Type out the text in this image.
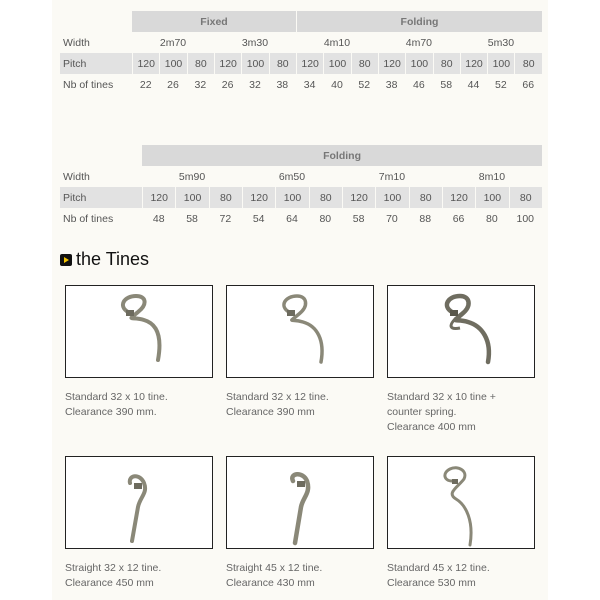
	Fixed						Folding								
Width	2m70			3m30			4m10			4m70			5m30		
Pitch	120	100	80	120	100	80	120	100	80	120	100	80	120	100	80
Nb of tines	22	26	32	26	32	38	34	40	52	38	46	58	44	52	66
	Folding											
Width	5m90			6m50			7m10			8m10		
Pitch	120	100	80	120	100	80	120	100	80	120	100	80
Nb of tines	48	58	72	54	64	80	58	70	88	66	80	100
the Tines
Standard 32 x 10 tine.
Clearance 390 mm.
Standard 32 x 12 tine.
Clearance 390 mm
Standard 32 x 10 tine +
counter spring.
Clearance 400 mm
Straight 32 x 12 tine.
Clearance 450 mm
Straight 45 x 12 tine.
Clearance 430 mm
Standard 45 x 12 tine.
Clearance 530 mm
